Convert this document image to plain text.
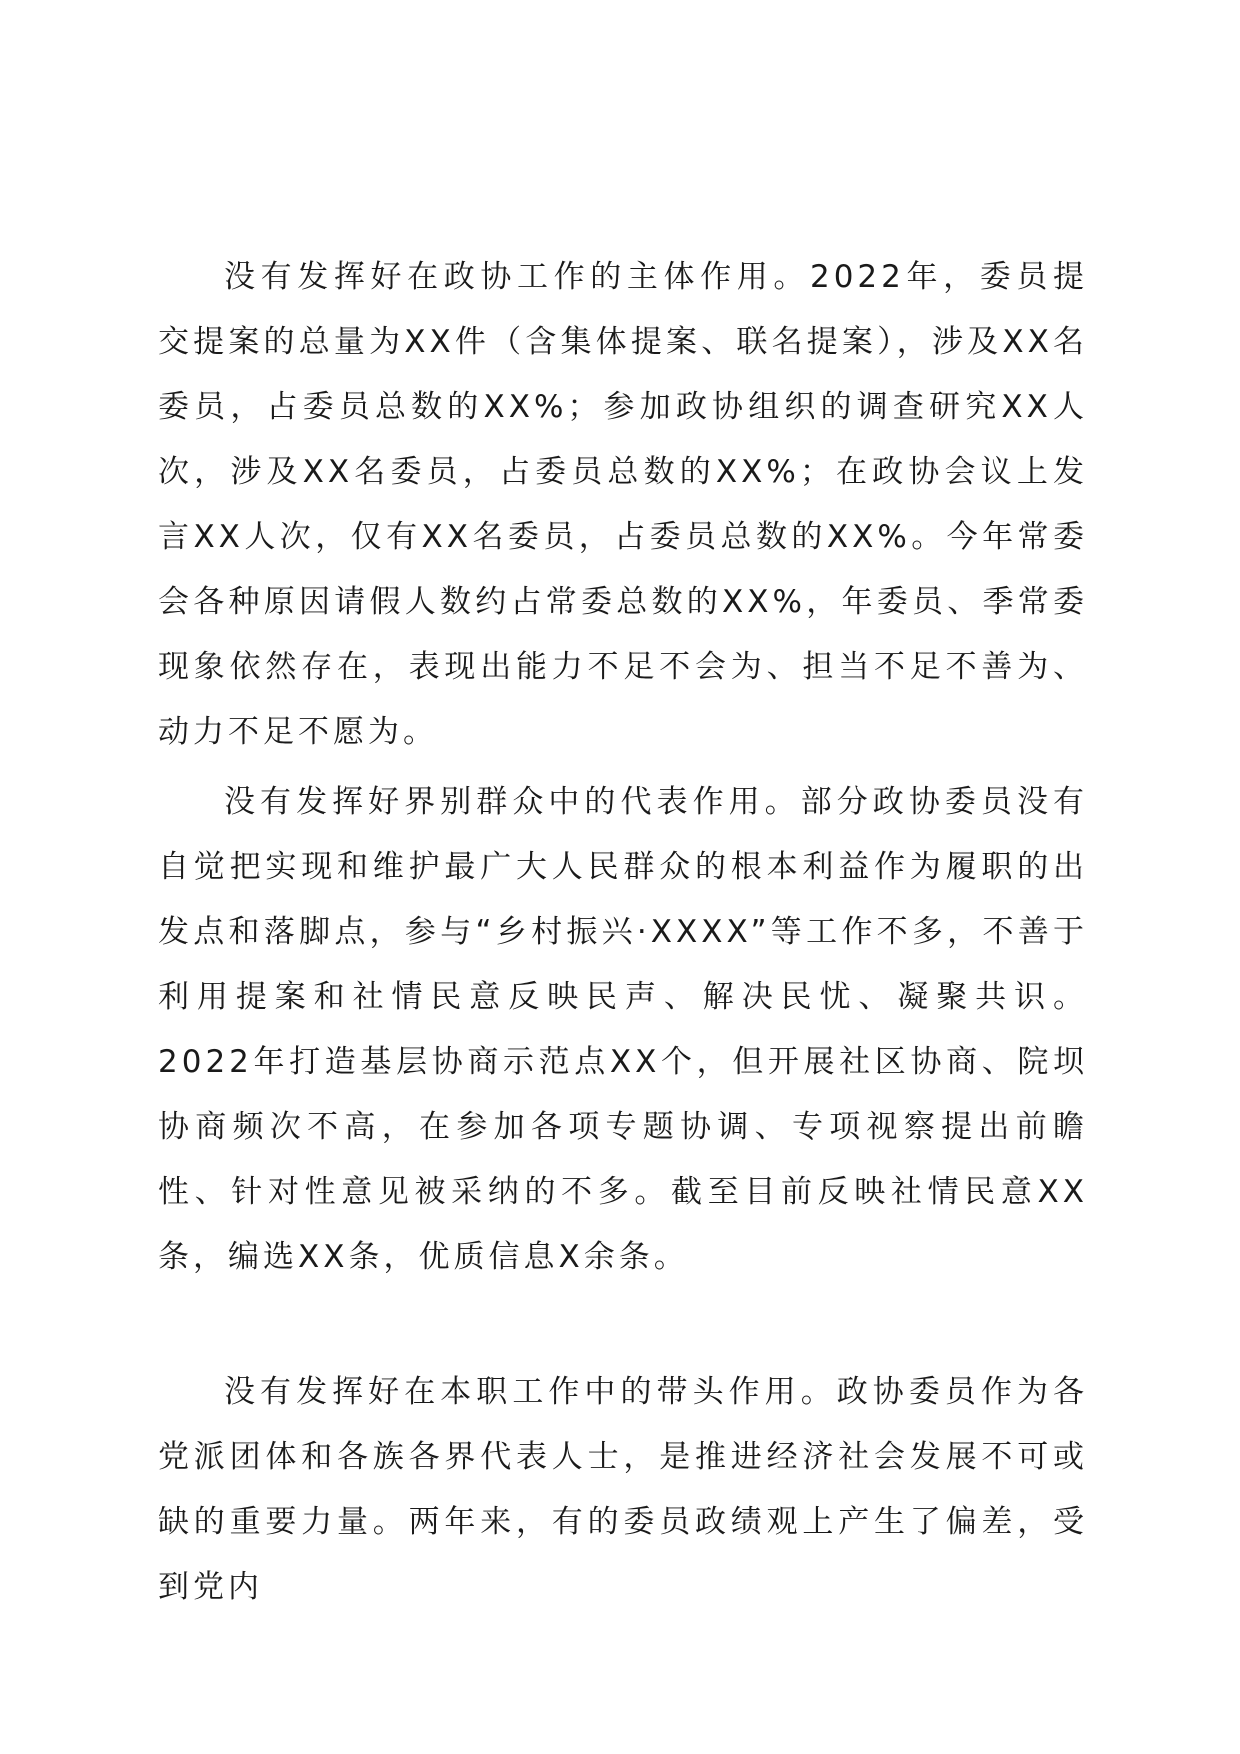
没有发挥好在政协工作的主体作用。2022年，委员提交提案的总量为XX件（含集体提案、联名提案），涉及XX名委员，占委员总数的XX%；参加政协组织的调查研究XX人次，涉及XX名委员，占委员总数的XX%；在政协会议上发言XX人次，仅有XX名委员，占委员总数的XX%。今年常委会各种原因请假人数约占常委总数的XX%，年委员、季常委现象依然存在，表现出能力不足不会为、担当不足不善为、动力不足不愿为。

没有发挥好界别群众中的代表作用。部分政协委员没有自觉把实现和维护最广大人民群众的根本利益作为履职的出发点和落脚点，参与“乡村振兴·XXXX”等工作不多，不善于利用提案和社情民意反映民声、解决民忧、凝聚共识。2022年打造基层协商示范点XX个，但开展社区协商、院坝协商频次不高，在参加各项专题协调、专项视察提出前瞻性、针对性意见被采纳的不多。截至目前反映社情民意XX条，编选XX条，优质信息X余条。

没有发挥好在本职工作中的带头作用。政协委员作为各党派团体和各族各界代表人士，是推进经济社会发展不可或缺的重要力量。两年来，有的委员政绩观上产生了偏差，受到党内
